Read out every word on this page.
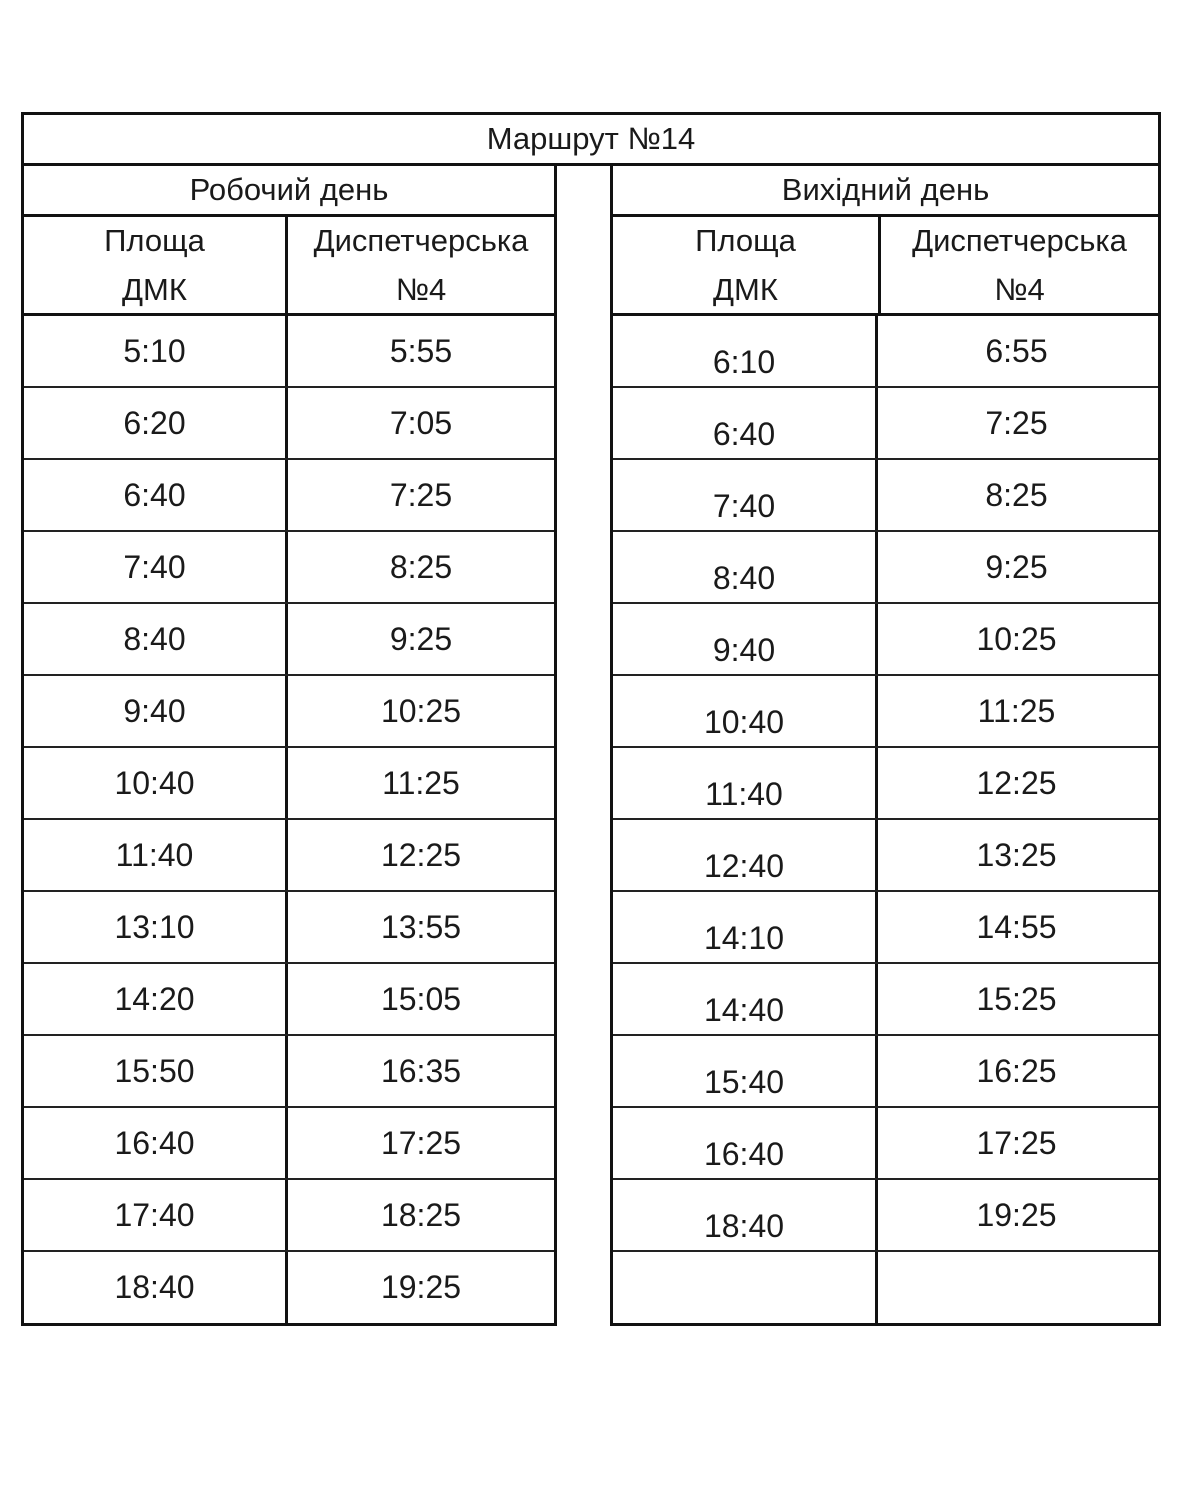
Маршрут №14
Робочий день
Площа
ДМК
Диспетчерська
№4
5:10	5:55
6:20	7:05
6:40	7:25
7:40	8:25
8:40	9:25
9:40	10:25
10:40	11:25
11:40	12:25
13:10	13:55
14:20	15:05
15:50	16:35
16:40	17:25
17:40	18:25
18:40	19:25
Вихідний день
Площа
ДМК
Диспетчерська
№4
6:10	6:55
6:40	7:25
7:40	8:25
8:40	9:25
9:40	10:25
10:40	11:25
11:40	12:25
12:40	13:25
14:10	14:55
14:40	15:25
15:40	16:25
16:40	17:25
18:40	19:25
